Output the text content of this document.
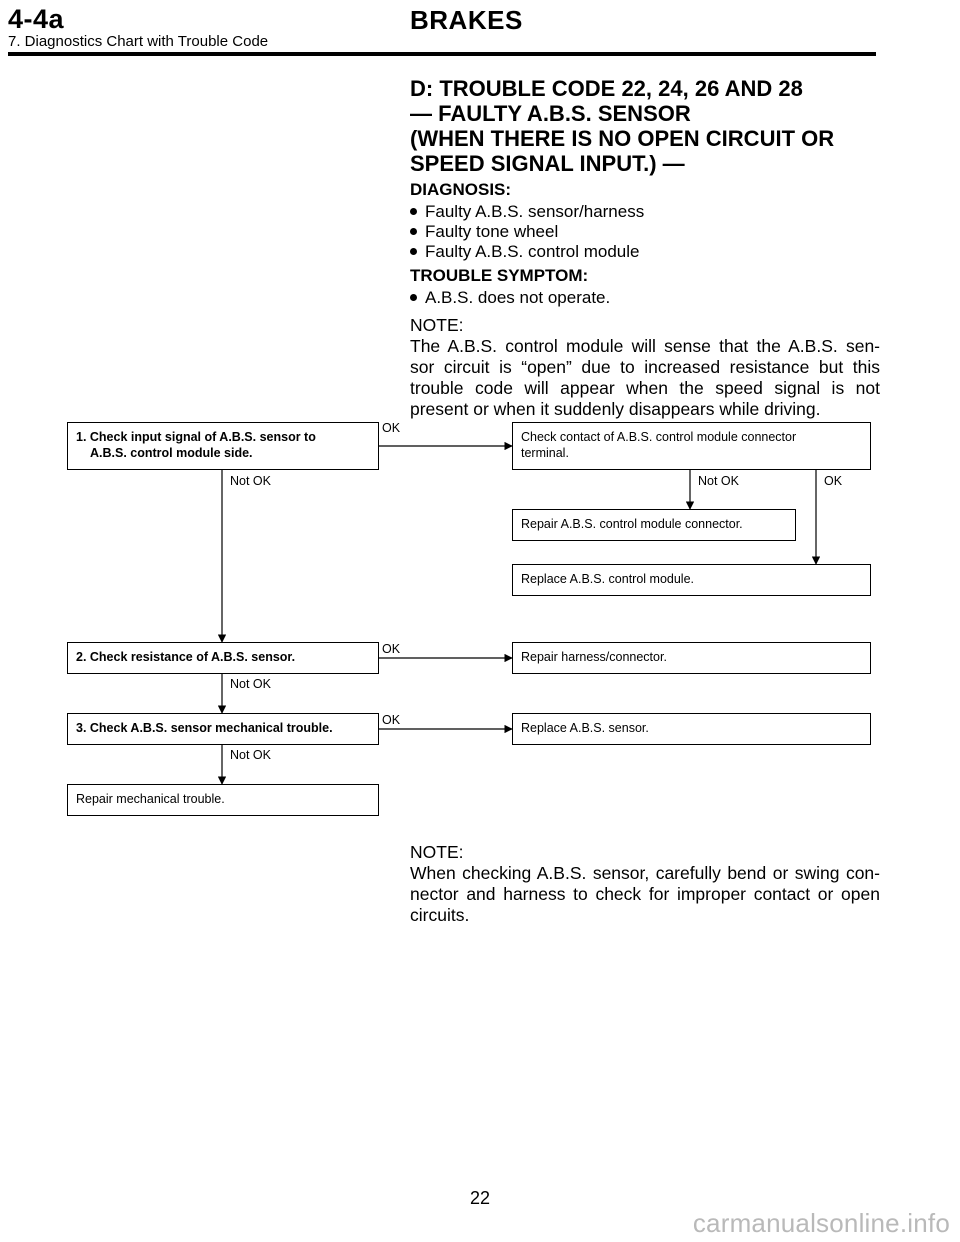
4-4a	BRAKES
7. Diagnostics Chart with Trouble Code
D: TROUBLE CODE 22, 24, 26 AND 28
— FAULTY A.B.S. SENSOR
(WHEN THERE IS NO OPEN CIRCUIT OR
SPEED SIGNAL INPUT.) —
DIAGNOSIS:
Faulty A.B.S. sensor/harness
Faulty tone wheel
Faulty A.B.S. control module
TROUBLE SYMPTOM:
A.B.S. does not operate.
NOTE:
The A.B.S. control module will sense that the A.B.S. sen-
sor circuit is “open” due to increased resistance but this
trouble code will appear when the speed signal is not
present or when it suddenly disappears while driving.
1. Check input signal of A.B.S. sensor to
A.B.S. control module side.
Check contact of A.B.S. control module connector
terminal.
Repair A.B.S. control module connector.
Replace A.B.S. control module.
2. Check resistance of A.B.S. sensor.	Repair harness/connector.
3. Check A.B.S. sensor mechanical trouble.	Replace A.B.S. sensor.
Repair mechanical trouble.
OK
Not OK	Not OK	OK
OK
Not OK
OK
Not OK
NOTE:
When checking A.B.S. sensor, carefully bend or swing con-
nector and harness to check for improper contact or open
circuits.
22
carmanualsonline.info
